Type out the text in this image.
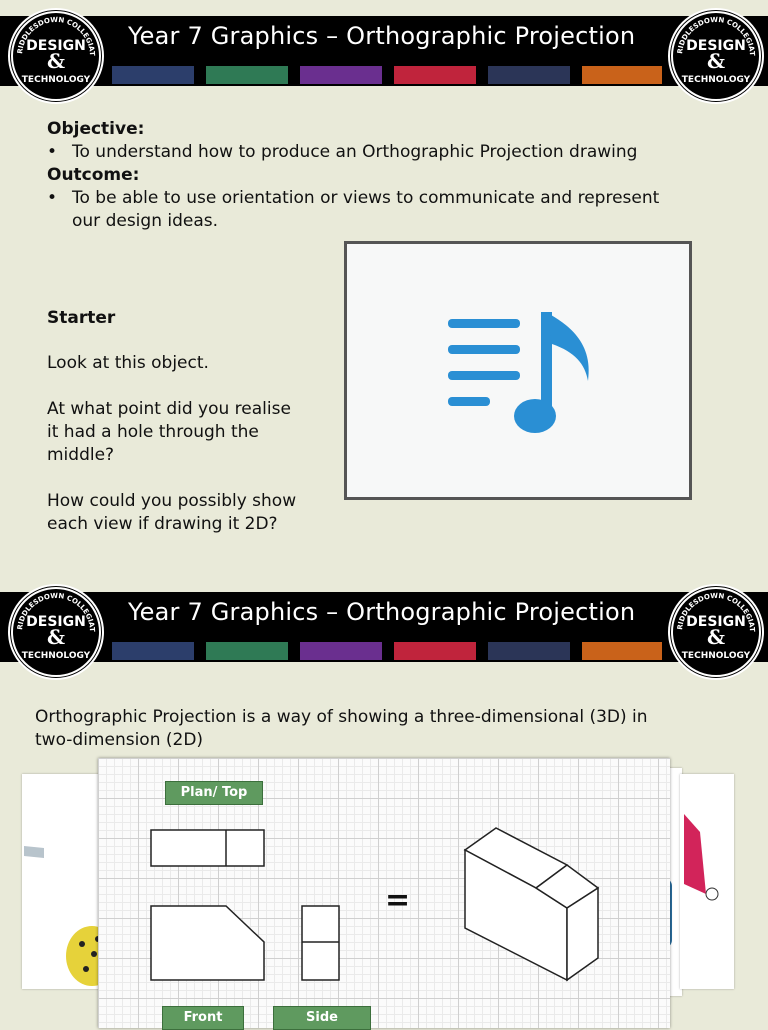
Year 7 Graphics – Orthographic Projection
RIDDLESDOWN COLLEGIAT
DESIGN
&
TECHNOLOGY
RIDDLESDOWN COLLEGIAT
DESIGN
&
TECHNOLOGY
Objective:
• To understand how to produce an Orthographic Projection drawing
Outcome:
• To be able to use orientation or views to communicate and represent
our design ideas.
Starter
Look at this object.
At what point did you realise
it had a hole through the
middle?
How could you possibly show
each view if drawing it 2D?
Year 7 Graphics – Orthographic Projection
RIDDLESDOWN COLLEGIAT
DESIGN
&
TECHNOLOGY
RIDDLESDOWN COLLEGIAT
DESIGN
&
TECHNOLOGY
Orthographic Projection is a way of showing a three-dimensional (3D) in
two-dimension (2D)
Plan/ Top
Front	Side
=
